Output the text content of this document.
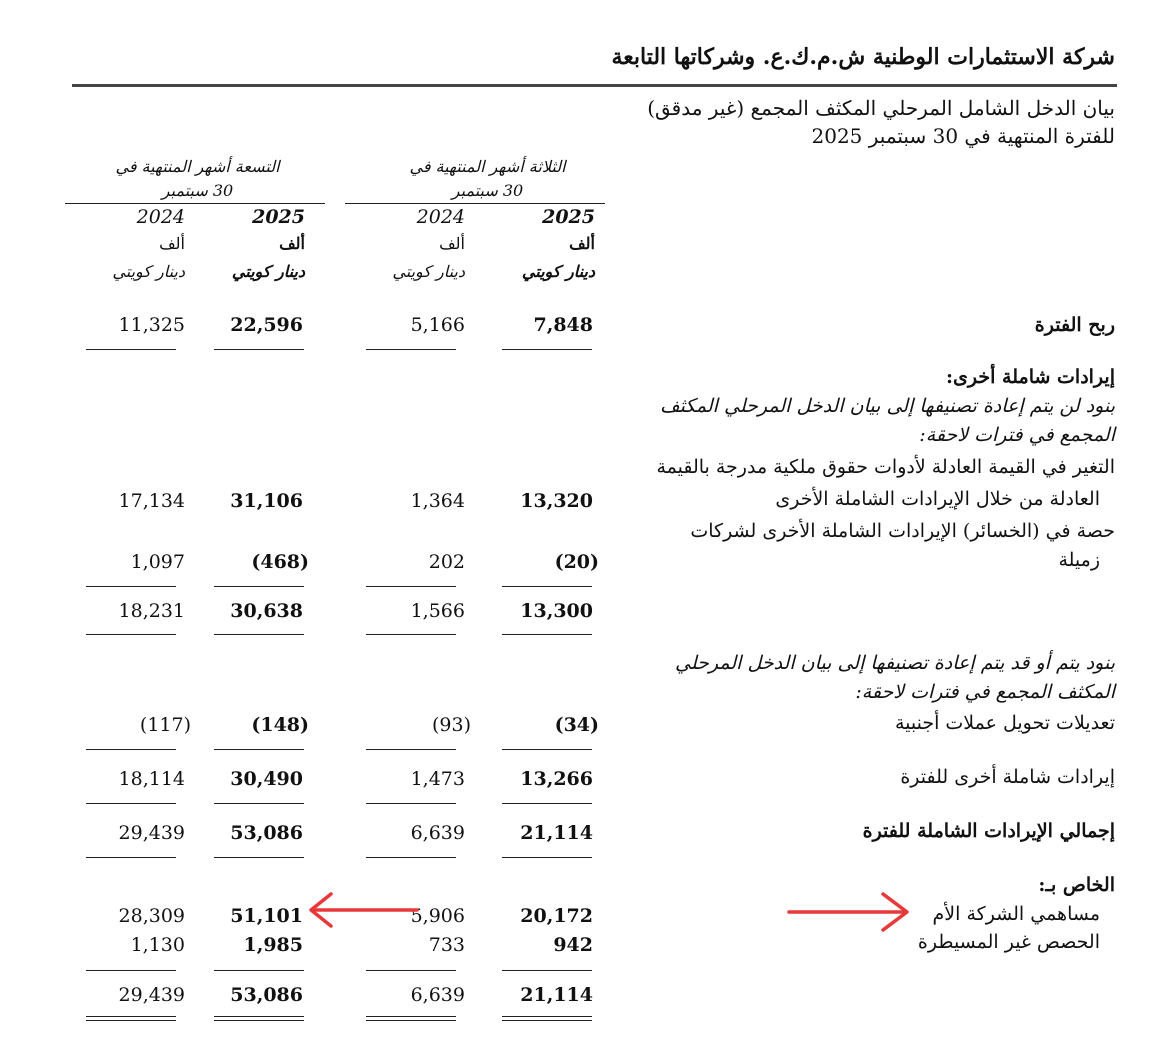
شركة الاستثمارات الوطنية ش.م.ك.ع. وشركاتها التابعة
بيان الدخل الشامل المرحلي المكثف المجمع (غير مدقق)
للفترة المنتهية في 30 سبتمبر 2025
الثلاثة أشهر المنتهية في
30 سبتمبر
التسعة أشهر المنتهية في
30 سبتمبر
2025
2024
2025
2024
ألف
ألف
ألف
ألف
دينار كويتي
دينار كويتي
دينار كويتي
دينار كويتي
ربح الفترة
إيرادات شاملة أخرى:
بنود لن يتم إعادة تصنيفها إلى بيان الدخل المرحلي المكثف
المجمع في فترات لاحقة:
التغير في القيمة العادلة لأدوات حقوق ملكية مدرجة بالقيمة
العادلة من خلال الإيرادات الشاملة الأخرى
حصة في (الخسائر) الإيرادات الشاملة الأخرى لشركات
زميلة
بنود يتم أو قد يتم إعادة تصنيفها إلى بيان الدخل المرحلي
المكثف المجمع في فترات لاحقة:
تعديلات تحويل عملات أجنبية
إيرادات شاملة أخرى للفترة
إجمالي الإيرادات الشاملة للفترة
الخاص بـ:
مساهمي الشركة الأم
الحصص غير المسيطرة
7,848
5,166
22,596
11,325
13,320
1,364
31,106
17,134
(20)
202
(468)
1,097
13,300
1,566
30,638
18,231
(34)
(93)
(148)
(117)
13,266
1,473
30,490
18,114
21,114
6,639
53,086
29,439
20,172
5,906
51,101
28,309
942
733
1,985
1,130
21,114
6,639
53,086
29,439
